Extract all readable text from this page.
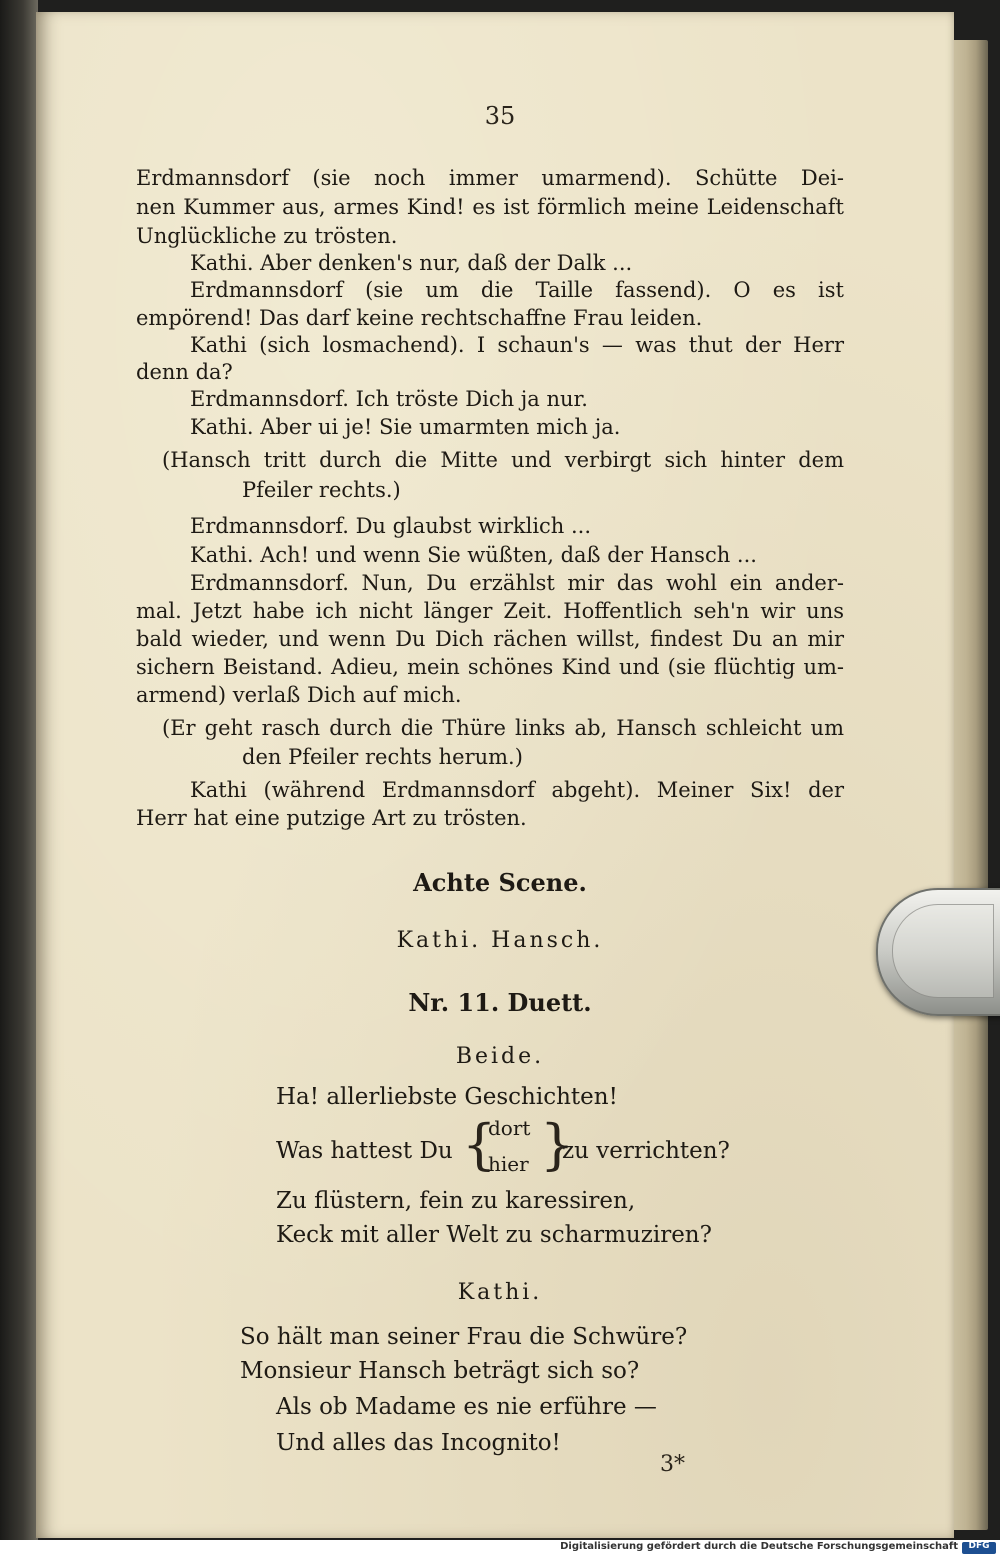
35
Erdmannsdorf (sie noch immer umarmend). Schütte Dei-
nen Kummer aus, armes Kind! es ist förmlich meine Leidenschaft
Unglückliche zu trösten.
Kathi. Aber denken's nur, daß der Dalk ...
Erdmannsdorf (sie um die Taille fassend). O es ist
empörend! Das darf keine rechtschaffne Frau leiden.
Kathi (sich losmachend). I schaun's — was thut der Herr
denn da?
Erdmannsdorf. Ich tröste Dich ja nur.
Kathi. Aber ui je! Sie umarmten mich ja.
(Hansch tritt durch die Mitte und verbirgt sich hinter dem
Pfeiler rechts.)
Erdmannsdorf. Du glaubst wirklich ...
Kathi. Ach! und wenn Sie wüßten, daß der Hansch ...
Erdmannsdorf. Nun, Du erzählst mir das wohl ein ander-
mal. Jetzt habe ich nicht länger Zeit. Hoffentlich seh'n wir uns
bald wieder, und wenn Du Dich rächen willst, findest Du an mir
sichern Beistand. Adieu, mein schönes Kind und (sie flüchtig um-
armend) verlaß Dich auf mich.
(Er geht rasch durch die Thüre links ab, Hansch schleicht um
den Pfeiler rechts herum.)
Kathi (während Erdmannsdorf abgeht). Meiner Six! der
Herr hat eine putzige Art zu trösten.
Achte Scene.
Kathi. Hansch.
Nr. 11. Duett.
Beide.
Ha! allerliebste Geschichten!
Was hattest Du {
dort
hier }
zu verrichten?
Zu flüstern, fein zu karessiren,
Keck mit aller Welt zu scharmuziren?
Kathi.
So hält man seiner Frau die Schwüre?
Monsieur Hansch beträgt sich so?
Als ob Madame es nie erführe —
Und alles das Incognito!
3*
Digitalisierung gefördert durch die Deutsche Forschungsgemeinschaft	DFG
